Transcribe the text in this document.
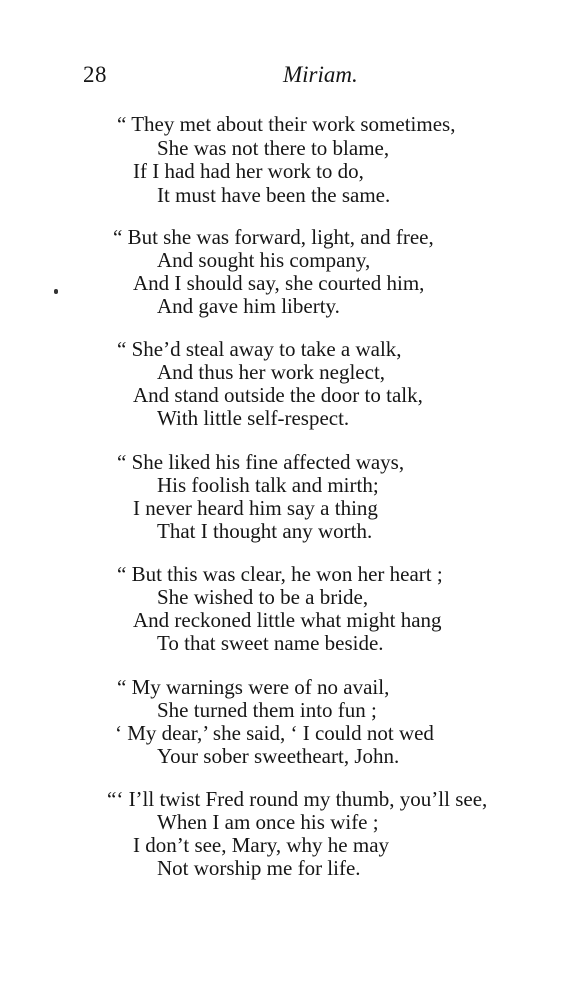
28	Miriam.
“ They met about their work sometimes,
She was not there to blame,
If I had had her work to do,
It must have been the same.
“ But she was forward, light, and free,
And sought his company,
And I should say, she courted him,
And gave him liberty.
“ She’d steal away to take a walk,
And thus her work neglect,
And stand outside the door to talk,
With little self-respect.
“ She liked his fine affected ways,
His foolish talk and mirth;
I never heard him say a thing
That I thought any worth.
“ But this was clear, he won her heart ;
She wished to be a bride,
And reckoned little what might hang
To that sweet name beside.
“ My warnings were of no avail,
She turned them into fun ;
‘ My dear,’ she said, ‘ I could not wed
Your sober sweetheart, John.
“‘ I’ll twist Fred round my thumb, you’ll see,
When I am once his wife ;
I don’t see, Mary, why he may
Not worship me for life.
